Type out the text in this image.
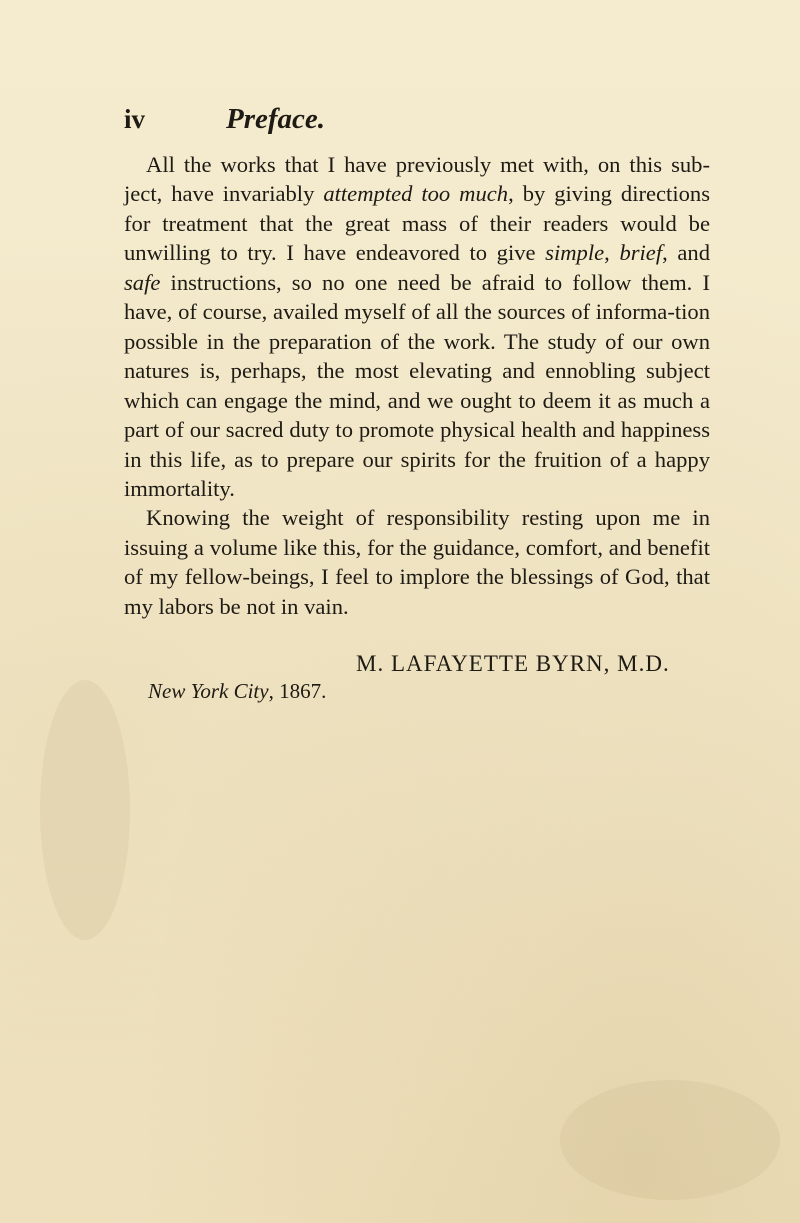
iv	Preface.

All the works that I have previously met with, on this sub-ject, have invariably attempted too much, by giving directions for treatment that the great mass of their readers would be unwilling to try. I have endeavored to give simple, brief, and safe instructions, so no one need be afraid to follow them. I have, of course, availed myself of all the sources of informa-tion possible in the preparation of the work. The study of our own natures is, perhaps, the most elevating and ennobling subject which can engage the mind, and we ought to deem it as much a part of our sacred duty to promote physical health and happiness in this life, as to prepare our spirits for the fruition of a happy immortality.

Knowing the weight of responsibility resting upon me in issuing a volume like this, for the guidance, comfort, and benefit of my fellow-beings, I feel to implore the blessings of God, that my labors be not in vain.

M. LAFAYETTE BYRN, M.D.
New York City, 1867.
